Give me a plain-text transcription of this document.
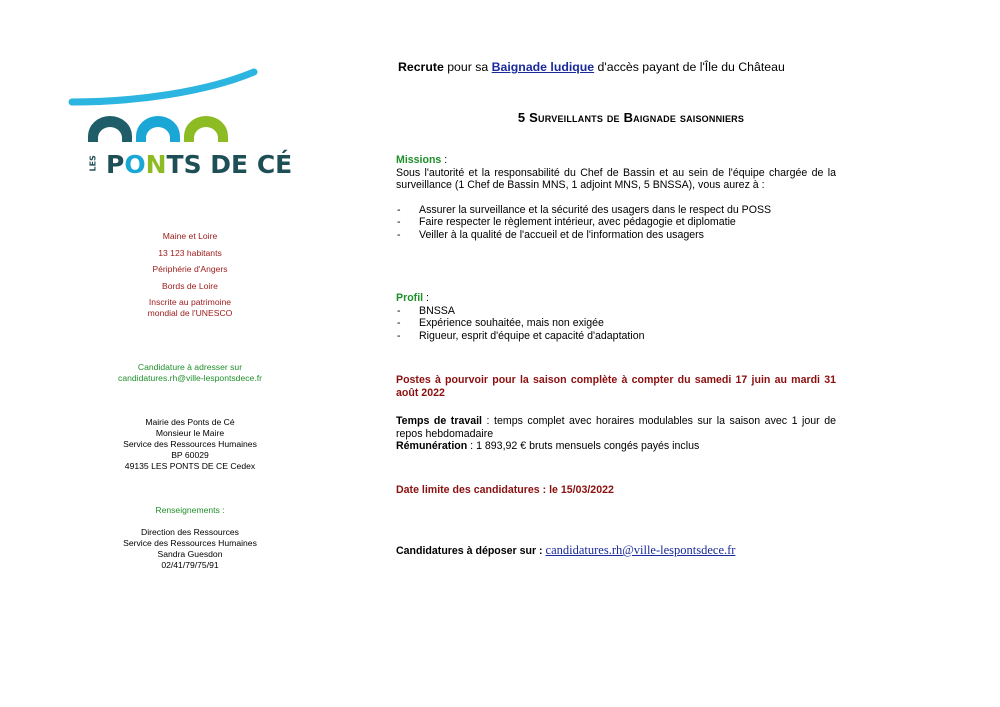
LES PONTS DE CÉ

Maine et Loire

13 123 habitants

Périphérie d'Angers

Bords de Loire

Inscrite au patrimoine
mondial de l'UNESCO

Candidature à adresser sur

candidatures.rh@ville-lespontsdece.fr

Mairie des Ponts de Cé

Monsieur le Maire

Service des Ressources Humaines

BP 60029

49135 LES PONTS DE CE Cedex

Renseignements :

Direction des Ressources

Service des Ressources Humaines

Sandra Guesdon

02/41/79/75/91

Recrute pour sa Baignade ludique d'accès payant de l'Île du Château
5 Surveillants de Baignade saisonniers
Missions :
Sous l'autorité et la responsabilité du Chef de Bassin et au sein de l'équipe chargée de la surveillance (1 Chef de Bassin MNS, 1 adjoint MNS, 5 BNSSA), vous aurez à :
- Assurer la surveillance et la sécurité des usagers dans le respect du POSS
- Faire respecter le règlement intérieur, avec pédagogie et diplomatie
- Veiller à la qualité de l'accueil et de l'information des usagers
Profil :
- BNSSA
- Expérience souhaitée, mais non exigée
- Rigueur, esprit d'équipe et capacité d'adaptation
Postes à pourvoir pour la saison complète à compter du samedi 17 juin au mardi 31 août 2022
Temps de travail : temps complet avec horaires modulables sur la saison avec 1 jour de repos hebdomadaire
Rémunération : 1 893,92 € bruts mensuels congés payés inclus
Date limite des candidatures : le 15/03/2022
Candidatures à déposer sur : candidatures.rh@ville-lespontsdece.fr
